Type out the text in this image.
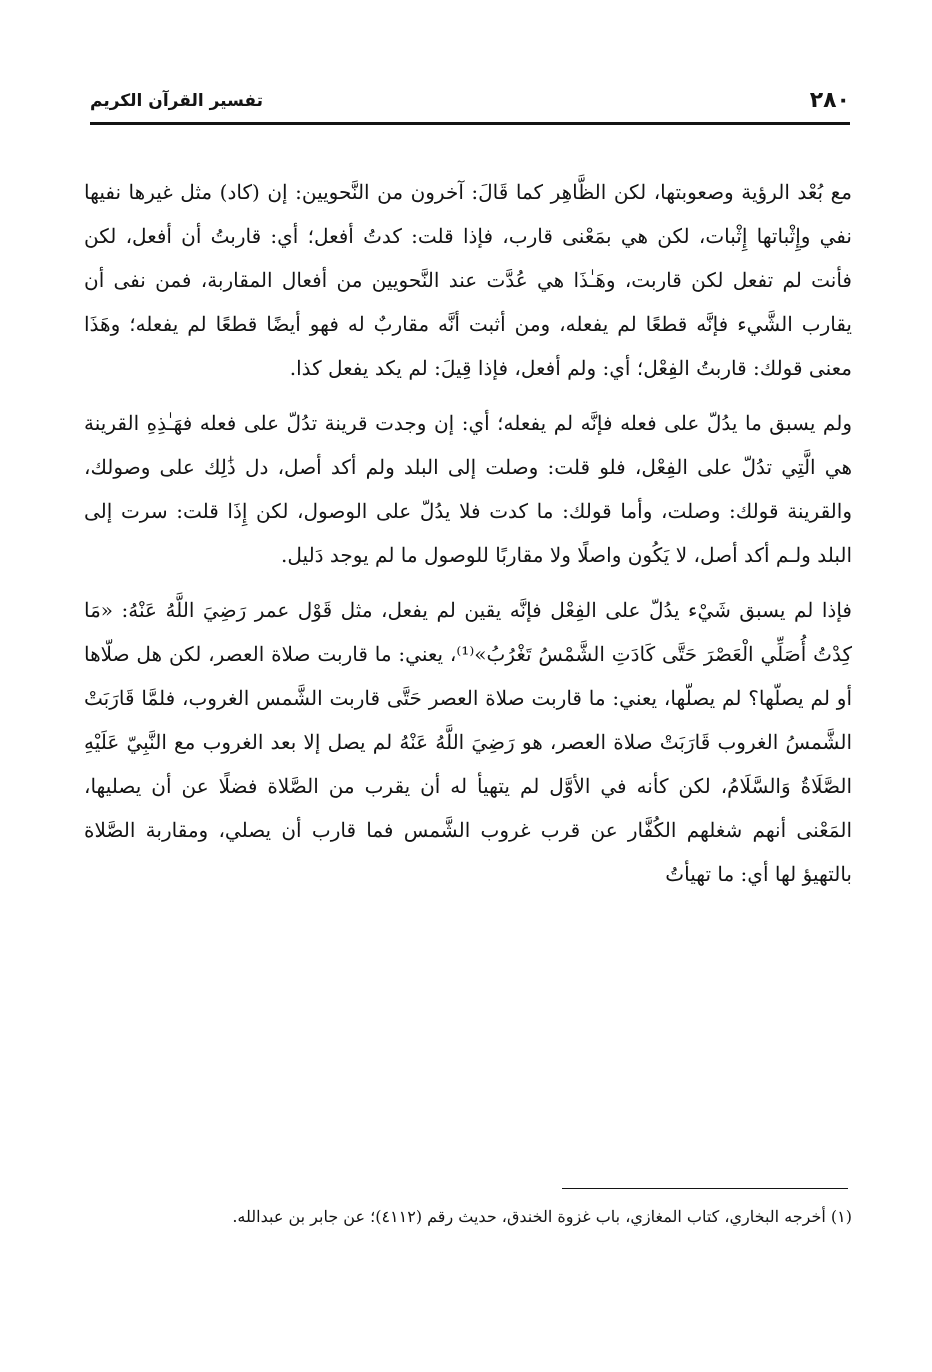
٢٨٠
تفسير القرآن الكريم

مع بُعْد الرؤية وصعوبتها، لكن الظَّاهِر كما قَالَ: آخرون من النَّحويين: إن (كاد) مثل غيرها نفيها نفي وإِثْباتها إِثْبات، لكن هي بمَعْنى قارب، فإذا قلت: كدتُ أفعل؛ أي: قاربتُ أن أفعل، لكن فأنت لم تفعل لكن قاربت، وهَـٰذَا هي عُدَّت عند النَّحويين من أفعال المقاربة، فمن نفى أن يقارب الشَّيء فإنَّه قطعًا لم يفعله، ومن أثبت أنَّه مقاربٌ له فهو أيضًا قطعًا لم يفعله؛ وهَذَا معنى قولك: قاربتُ الفِعْل؛ أي: ولم أفعل، فإذا قِيلَ: لم يكد يفعل كذا.

ولم يسبق ما يدُلّ على فعله فإنَّه لم يفعله؛ أي: إن وجدت قرينة تدُلّ على فعله فهَـٰذِهِ القرينة هي الَّتِي تدُلّ على الفِعْل، فلو قلت: وصلت إلى البلد ولم أكد أصل، دل ذَٰلِك على وصولك، والقرينة قولك: وصلت، وأما قولك: ما كدت فلا يدُلّ على الوصول، لكن إِذَا قلت: سرت إلى البلد ولـم أكد أصل، لا يَكُون واصلًا ولا مقاربًا للوصول ما لم يوجد دَليل.

فإذا لم يسبق شَيْء يدُلّ على الفِعْل فإنَّه يقين لم يفعل، مثل قَوْل عمر رَضِيَ اللَّهُ عَنْهُ: «مَا كِدْتُ أُصَلِّي الْعَصْرَ حَتَّى كَادَتِ الشَّمْسُ تَغْرُبُ»⁽¹⁾، يعني: ما قاربت صلاة العصر، لكن هل صلّاها أو لم يصلّها؟ لم يصلّها، يعني: ما قاربت صلاة العصر حَتَّى قاربت الشَّمس الغروب، فلمَّا قَارَبَتْ الشَّمسُ الغروب قَارَبَتْ صلاة العصر، هو رَضِيَ اللَّهُ عَنْهُ لم يصل إلا بعد الغروب مع النَّبِيّ عَلَيْهِ الصَّلَاةُ وَالسَّلَامُ، لكن كأنه في الأوَّل لم يتهيأ له أن يقرب من الصَّلاة فضلًا عن أن يصليها، المَعْنى أنهم شغلهم الكُفَّار عن قرب غروب الشَّمس فما قارب أن يصلي، ومقاربة الصَّلاة بالتهيؤ لها أي: ما تهيأتُ

(١) أخرجه البخاري، كتاب المغازي، باب غزوة الخندق، حديث رقم (٤١١٢)؛ عن جابر بن عبدالله.
